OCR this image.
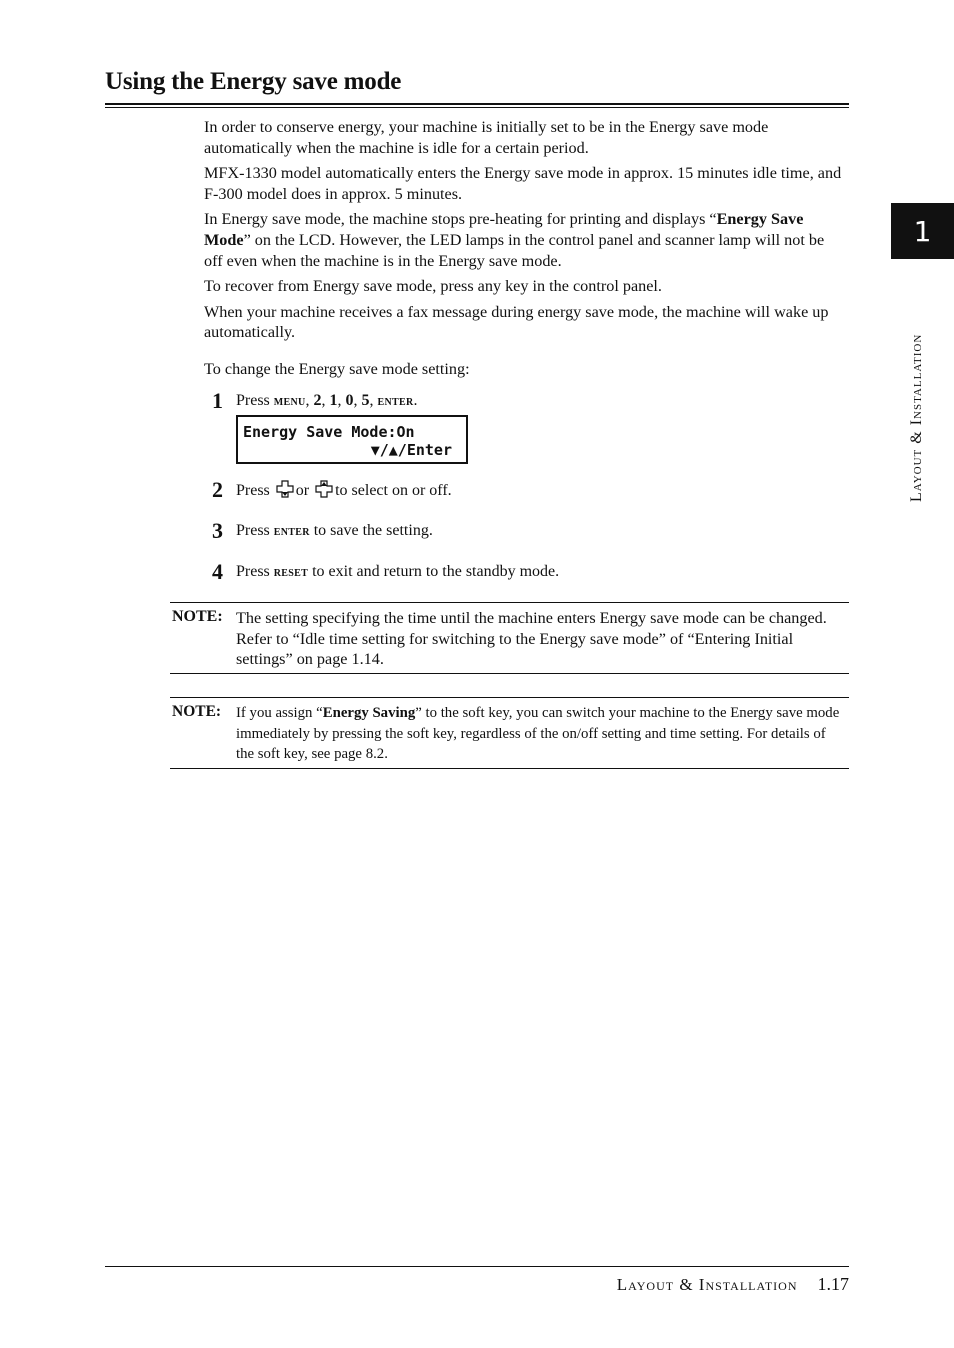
Using the Energy save mode

In order to conserve energy, your machine is initially set to be in the Energy save mode automatically when the machine is idle for a certain period.

MFX-1330 model automatically enters the Energy save mode in approx. 15 minutes idle time, and F-300 model does in approx. 5 minutes.

In Energy save mode, the machine stops pre-heating for printing and displays “Energy Save Mode” on the LCD. However, the LED lamps in the control panel and scanner lamp will not be off even when the machine is in the Energy save mode.

To recover from Energy save mode, press any key in the control panel.

When your machine receives a fax message during energy save mode, the machine will wake up automatically.

To change the Energy save mode setting:
1 Press menu, 2, 1, 0, 5, enter.
Energy Save Mode:On
▼/▲/Enter
2 Press or to select on or off.
3 Press enter to save the setting.
4 Press reset to exit and return to the standby mode.
NOTE: The setting specifying the time until the machine enters Energy save mode can be changed. Refer to “Idle time setting for switching to the Energy save mode” of “Entering Initial settings” on page 1.14.
NOTE: If you assign “Energy Saving” to the soft key, you can switch your machine to the Energy save mode immediately by pressing the soft key, regardless of the on/off setting and time setting. For details of the soft key, see page 8.2.
1
Layout & Installation
Layout & Installation 1.17
